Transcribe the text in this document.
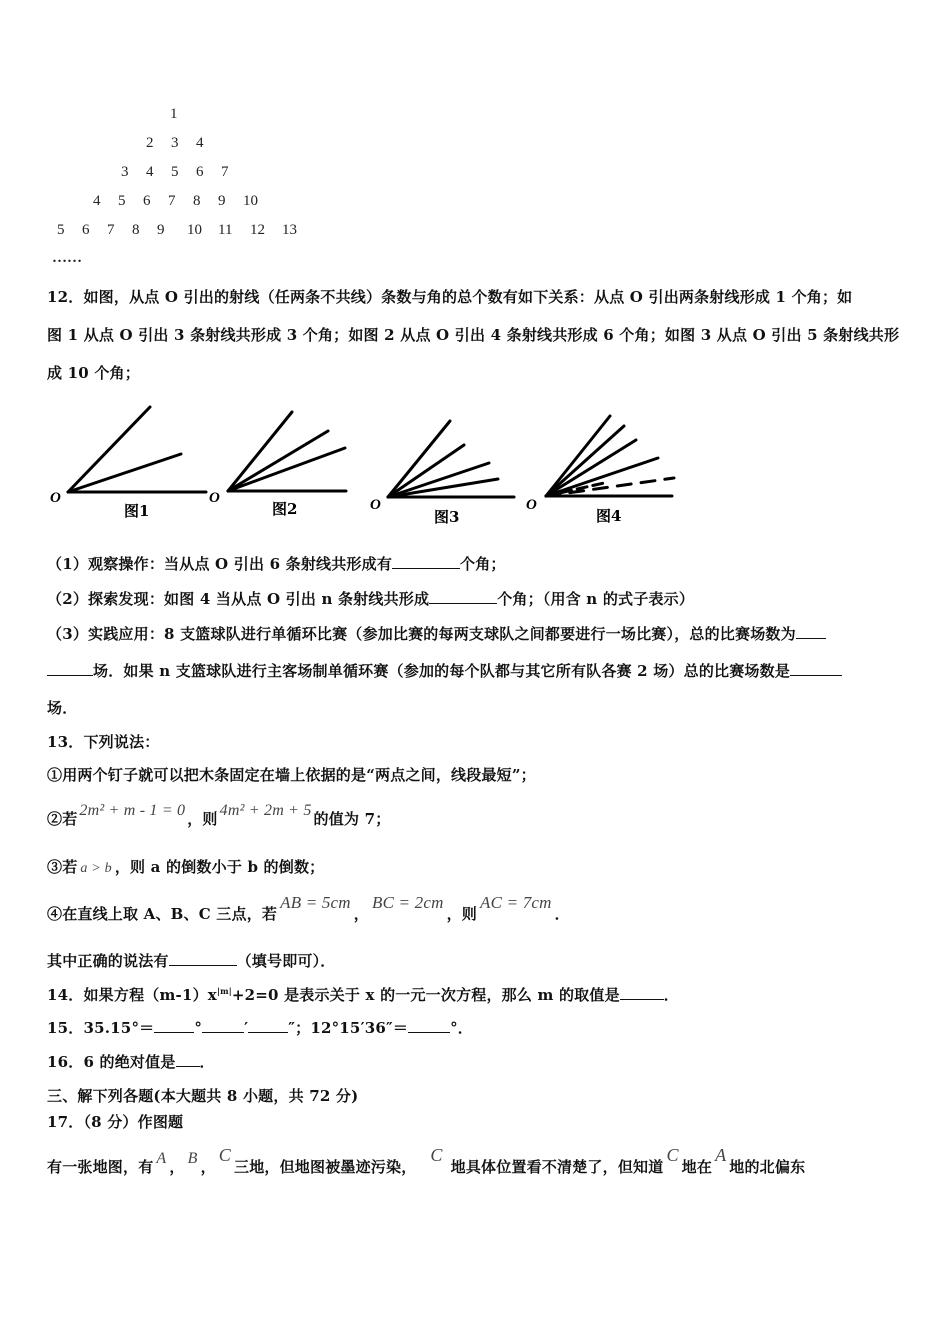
1
2 3 4
3 4 5 6 7
4 5 6 7 8 9 10
5 6 7 8 9 10 11 12 13
……
12．如图，从点 O 引出的射线（任两条不共线）条数与角的总个数有如下关系：从点 O 引出两条射线形成 1 个角；如
图 1 从点 O 引出 3 条射线共形成 3 个角；如图 2 从点 O 引出 4 条射线共形成 6 个角；如图 3 从点 O 引出 5 条射线共形
成 10 个角；
O
图1
O
图2	O
图3
O
图4
（1）观察操作：当从点 O 引出 6 条射线共形成有	个角；
（2）探索发现：如图 4 当从点 O 引出 n 条射线共形成	个角；（用含 n 的式子表示）
（3）实践应用：8 支篮球队进行单循环比赛（参加比赛的每两支球队之间都要进行一场比赛），总的比赛场数为
场．如果 n 支篮球队进行主客场制单循环赛（参加的每个队都与其它所有队各赛 2 场）总的比赛场数是
场．
13．下列说法：
①用两个钉子就可以把木条固定在墙上依据的是“两点之间，线段最短”；
②若 2m² + m - 1 = 0 ，则 4m² + 2m + 5 的值为 7；
③若 a > b ，则 a 的倒数小于 b 的倒数；
④在直线上取 A、B、C 三点，若AB = 5cm，BC = 2cm，则AC = 7cm．
其中正确的说法有	（填号即可）．
14．如果方程$(m-1)x^{|m|}+2=0$ 是表示关于 x 的一元一次方程，那么 m 的取值是	．
15．35.15°＝	°	′	″；12°15′36″＝	°．
16．6 的绝对值是 ．
三、解下列各题(本大题共 8 小题，共 72 分)
17．（8 分）作图题
有一张地图，有 A ， B ，C三地，但地图被墨迹污染，C地具体位置看不清楚了，但知道C地在A地的北偏东
